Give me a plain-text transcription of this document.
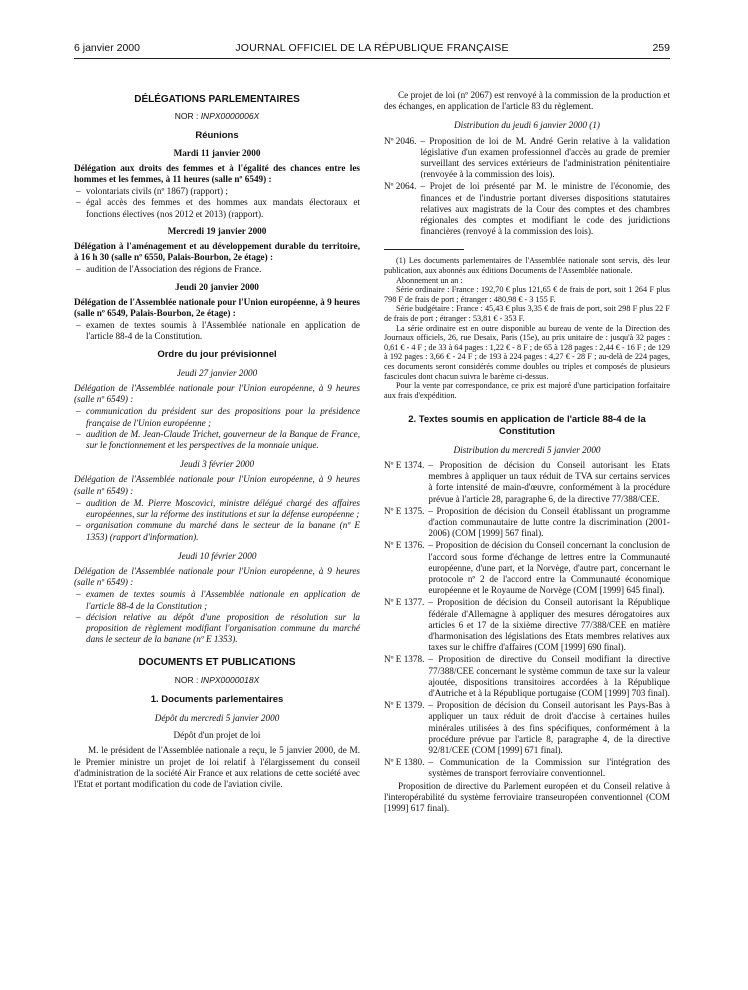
6 janvier 2000	JOURNAL OFFICIEL DE LA RÉPUBLIQUE FRANÇAISE	259
DÉLÉGATIONS PARLEMENTAIRES
NOR : INPX0000006X
Réunions
Mardi 11 janvier 2000
Délégation aux droits des femmes et à l'égalité des chances entre les hommes et les femmes, à 11 heures (salle nº 6549) :
– volontariats civils (nº 1867) (rapport) ;
– égal accès des femmes et des hommes aux mandats électoraux et fonctions électives (nos 2012 et 2013) (rapport).
Mercredi 19 janvier 2000
Délégation à l'aménagement et au développement durable du territoire, à 16 h 30 (salle nº 6550, Palais-Bourbon, 2e étage) :
– audition de l'Association des régions de France.
Jeudi 20 janvier 2000
Délégation de l'Assemblée nationale pour l'Union européenne, à 9 heures (salle nº 6549, Palais-Bourbon, 2e étage) :
– examen de textes soumis à l'Assemblée nationale en application de l'article 88-4 de la Constitution.
Ordre du jour prévisionnel
Jeudi 27 janvier 2000
Délégation de l'Assemblée nationale pour l'Union européenne, à 9 heures (salle nº 6549) :
– communication du président sur des propositions pour la présidence française de l'Union européenne ;
– audition de M. Jean-Claude Trichet, gouverneur de la Banque de France, sur le fonctionnement et les perspectives de la monnaie unique.
Jeudi 3 février 2000
Délégation de l'Assemblée nationale pour l'Union européenne, à 9 heures (salle nº 6549) :
– audition de M. Pierre Moscovici, ministre délégué chargé des affaires européennes, sur la réforme des institutions et sur la défense européenne ;
– organisation commune du marché dans le secteur de la banane (nº E 1353) (rapport d'information).
Jeudi 10 février 2000
Délégation de l'Assemblée nationale pour l'Union européenne, à 9 heures (salle nº 6549) :
– examen de textes soumis à l'Assemblée nationale en application de l'article 88-4 de la Constitution ;
– décision relative au dépôt d'une proposition de résolution sur la proposition de règlement modifiant l'organisation commune du marché dans le secteur de la banane (nº E 1353).
DOCUMENTS ET PUBLICATIONS
NOR : INPX0000018X
1. Documents parlementaires
Dépôt du mercredi 5 janvier 2000
Dépôt d'un projet de loi
M. le président de l'Assemblée nationale a reçu, le 5 janvier 2000, de M. le Premier ministre un projet de loi relatif à l'élargissement du conseil d'administration de la société Air France et aux relations de cette société avec l'Etat et portant modification du code de l'aviation civile.
Ce projet de loi (nº 2067) est renvoyé à la commission de la production et des échanges, en application de l'article 83 du règlement.
Distribution du jeudi 6 janvier 2000 (1)
Nº 2046. – Proposition de loi de M. André Gerin relative à la validation législative d'un examen professionnel d'accès au grade de premier surveillant des services extérieurs de l'administration pénitentiaire (renvoyée à la commission des lois).
Nº 2064. – Projet de loi présenté par M. le ministre de l'économie, des finances et de l'industrie portant diverses dispositions statutaires relatives aux magistrats de la Cour des comptes et des chambres régionales des comptes et modifiant le code des juridictions financières (renvoyé à la commission des lois).
(1) Les documents parlementaires de l'Assemblée nationale sont servis, dès leur publication, aux abonnés aux éditions Documents de l'Assemblée nationale.
Abonnement un an :
Série ordinaire : France : 192,70 € plus 121,65 € de frais de port, soit 1 264 F plus 798 F de frais de port ; étranger : 480,98 € - 3 155 F.
Série budgétaire : France : 45,43 € plus 3,35 € de frais de port, soit 298 F plus 22 F de frais de port ; étranger : 53,81 € - 353 F.
La série ordinaire est en outre disponible au bureau de vente de la Direction des Journaux officiels, 26, rue Desaix, Paris (15e), au prix unitaire de : jusqu'à 32 pages : 0,61 € - 4 F ; de 33 à 64 pages : 1,22 € - 8 F ; de 65 à 128 pages : 2,44 € - 16 F ; de 129 à 192 pages : 3,66 € - 24 F ; de 193 à 224 pages : 4,27 € - 28 F ; au-delà de 224 pages, ces documents seront considérés comme doubles ou triples et composés de plusieurs fascicules dont chacun suivra le barème ci-dessus.
Pour la vente par correspondance, ce prix est majoré d'une participation forfaitaire aux frais d'expédition.
2. Textes soumis en application de l'article 88-4 de la Constitution
Distribution du mercredi 5 janvier 2000
Nº E 1374. – Proposition de décision du Conseil autorisant les Etats membres à appliquer un taux réduit de TVA sur certains services à forte intensité de main-d'œuvre, conformément à la procédure prévue à l'article 28, paragraphe 6, de la directive 77/388/CEE.
Nº E 1375. – Proposition de décision du Conseil établissant un programme d'action communautaire de lutte contre la discrimination (2001-2006) (COM [1999] 567 final).
Nº E 1376. – Proposition de décision du Conseil concernant la conclusion de l'accord sous forme d'échange de lettres entre la Communauté européenne, d'une part, et la Norvège, d'autre part, concernant le protocole nº 2 de l'accord entre la Communauté économique européenne et le Royaume de Norvège (COM [1999] 645 final).
Nº E 1377. – Proposition de décision du Conseil autorisant la République fédérale d'Allemagne à appliquer des mesures dérogatoires aux articles 6 et 17 de la sixième directive 77/388/CEE en matière d'harmonisation des législations des Etats membres relatives aux taxes sur le chiffre d'affaires (COM [1999] 690 final).
Nº E 1378. – Proposition de directive du Conseil modifiant la directive 77/388/CEE concernant le système commun de taxe sur la valeur ajoutée, dispositions transitoires accordées à la République d'Autriche et à la République portugaise (COM [1999] 703 final).
Nº E 1379. – Proposition de décision du Conseil autorisant les Pays-Bas à appliquer un taux réduit de droit d'accise à certaines huiles minérales utilisées à des fins spécifiques, conformément à la procédure prévue par l'article 8, paragraphe 4, de la directive 92/81/CEE (COM [1999] 671 final).
Nº E 1380. – Communication de la Commission sur l'intégration des systèmes de transport ferroviaire conventionnel.
Proposition de directive du Parlement européen et du Conseil relative à l'interopérabilité du système ferroviaire transeuropéen conventionnel (COM [1999] 617 final).
